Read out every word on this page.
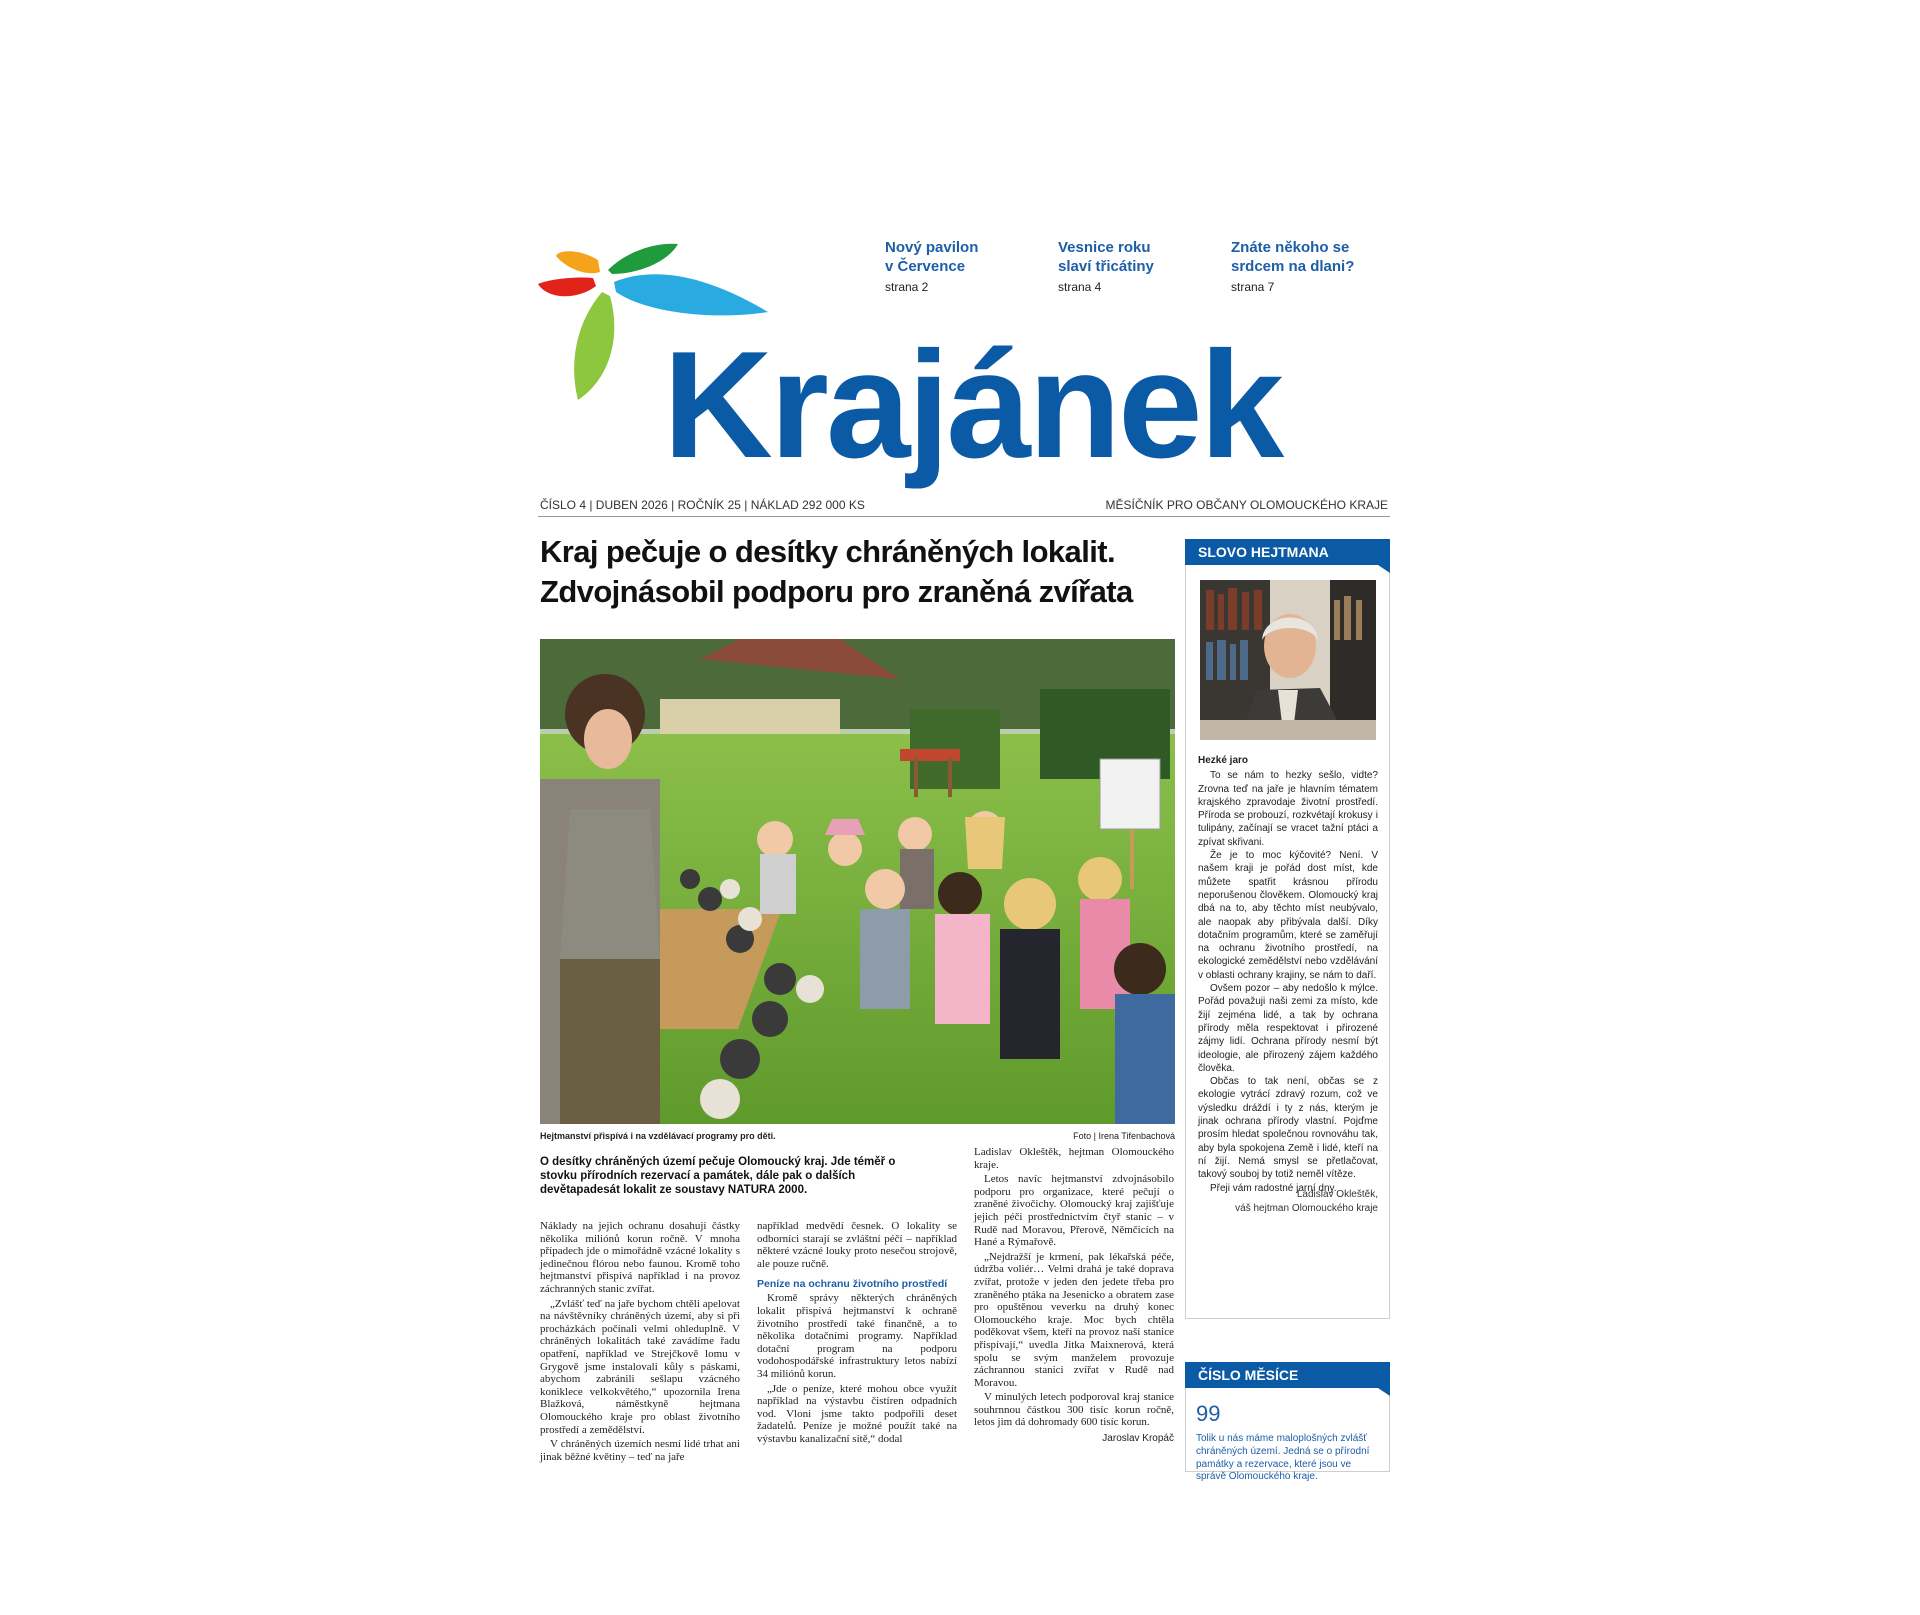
Nový pavilon
v Července
strana 2
Vesnice roku
slaví třicátiny
strana 4
Znáte někoho se
srdcem na dlani?
strana 7
Krajánek
ČÍSLO 4 | DUBEN 2026 | ROČNÍK 25 | NÁKLAD 292 000 KS	MĚSÍČNÍK PRO OBČANY OLOMOUCKÉHO KRAJE
Kraj pečuje o desítky chráněných lokalit.
Zdvojnásobil podporu pro zraněná zvířata
Hejtmanství přispívá i na vzdělávací programy pro děti.	Foto | Irena Tifenbachová
O desítky chráněných území pečuje Olomoucký kraj. Jde téměř o stovku přírodních rezervací a památek, dále pak o dalších devětapadesát lokalit ze soustavy NATURA 2000.

Náklady na jejich ochranu dosahují částky několika miliónů korun ročně. V mnoha případech jde o mimořádně vzácné lokality s jedinečnou flórou nebo faunou. Kromě toho hejtmanství přispívá například i na provoz záchranných stanic zvířat.

„Zvlášť teď na jaře bychom chtěli apelovat na návštěvníky chráněných území, aby si při procházkách počínali velmi ohleduplně. V chráněných lokalitách také zavádíme řadu opatření, například ve Strejčkově lomu v Grygově jsme instalovali kůly s páskami, abychom zabránili sešlapu vzácného koniklece velkokvětého,“ upozornila Irena Blažková, náměstkyně hejtmana Olomouckého kraje pro oblast životního prostředí a zemědělství.

V chráněných územích nesmí lidé trhat ani jinak běžné květiny – teď na jaře

například medvědí česnek. O lokality se odborníci starají se zvláštní péčí – například některé vzácné louky proto nesečou strojově, ale pouze ručně.

Peníze na ochranu životního prostředí

Kromě správy některých chráněných lokalit přispívá hejtmanství k ochraně životního prostředí také finančně, a to několika dotačními programy. Například dotační program na podporu vodohospodářské infrastruktury letos nabízí 34 miliónů korun.

„Jde o peníze, které mohou obce využít například na výstavbu čistíren odpadních vod. Vloni jsme takto podpořili deset žadatelů. Peníze je možné použít také na výstavbu kanalizační sítě,“ dodal

Ladislav Okleštěk, hejtman Olomouckého kraje.

Letos navíc hejtmanství zdvojnásobilo podporu pro organizace, které pečují o zraněné živočichy. Olomoucký kraj zajišťuje jejich péči prostřednictvím čtyř stanic – v Rudě nad Moravou, Přerově, Němčicích na Hané a Rýmařově.

„Nejdražší je krmení, pak lékařská péče, údržba voliér… Velmi drahá je také doprava zvířat, protože v jeden den jedete třeba pro zraněného ptáka na Jesenicko a obratem zase pro opuštěnou veverku na druhý konec Olomouckého kraje. Moc bych chtěla poděkovat všem, kteří na provoz naší stanice přispívají,“ uvedla Jitka Maixnerová, která spolu se svým manželem provozuje záchrannou stanici zvířat v Rudě nad Moravou.

V minulých letech podporoval kraj stanice souhrnnou částkou 300 tisíc korun ročně, letos jim dá dohromady 600 tisíc korun.

Jaroslav Kropáč
SLOVO HEJTMANA
Hezké jaro

To se nám to hezky sešlo, vidte? Zrovna teď na jaře je hlavním tématem krajského zpravodaje životní prostředí. Příroda se probouzí, rozkvétají krokusy i tulipány, začínají se vracet tažní ptáci a zpívat skřivani.

Že je to moc kýčovité? Není. V našem kraji je pořád dost míst, kde můžete spatřit krásnou přírodu neporušenou člověkem. Olomoucký kraj dbá na to, aby těchto míst neubývalo, ale naopak aby přibývala další. Díky dotačním programům, které se zaměřují na ochranu životního prostředí, na ekologické zemědělství nebo vzdělávání v oblasti ochrany krajiny, se nám to daří.

Ovšem pozor – aby nedošlo k mýlce. Pořád považuji naši zemi za místo, kde žijí zejména lidé, a tak by ochrana přírody měla respektovat i přirozené zájmy lidí. Ochrana přírody nesmí být ideologie, ale přirozený zájem každého člověka.

Občas to tak není, občas se z ekologie vytrácí zdravý rozum, což ve výsledku dráždí i ty z nás, kterým je jinak ochrana přírody vlastní. Pojďme prosím hledat společnou rovnováhu tak, aby byla spokojena Země i lidé, kteří na ní žijí. Nemá smysl se přetlačovat, takový souboj by totiž neměl vítěze.

Přeji vám radostné jarní dny.

Ladislav Okleštěk,
váš hejtman Olomouckého kraje
ČÍSLO MĚSÍCE
99
Tolik u nás máme maloplošných zvlášť chráněných území. Jedná se o přírodní památky a rezervace, které jsou ve správě Olomouckého kraje.
